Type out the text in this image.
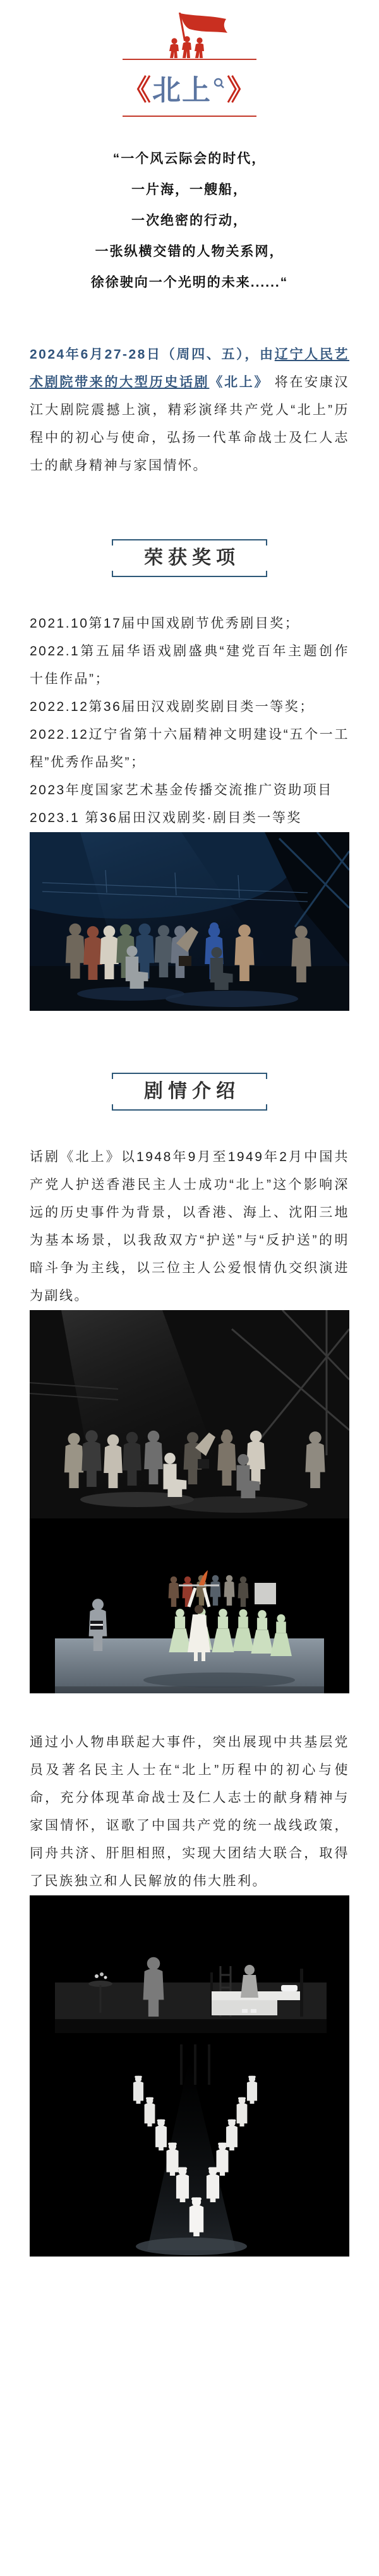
《北上 》
“一个风云际会的时代，
一片海，一艘船，
一次绝密的行动，
一张纵横交错的人物关系网，
徐徐驶向一个光明的未来......“

2024年6月27-28日（周四、五），由辽宁人民艺术剧院带来的大型历史话剧《北上》 将在安康汉江大剧院震撼上演，精彩演绎共产党人“北上”历程中的初心与使命，弘扬一代革命战士及仁人志士的献身精神与家国情怀。

荣获奖项

2021.10第17届中国戏剧节优秀剧目奖；

2022.1第五届华语戏剧盛典“建党百年主题创作十佳作品”；

2022.12第36届田汉戏剧奖剧目类一等奖；

2022.12辽宁省第十六届精神文明建设“五个一工程”优秀作品奖”；

2023年度国家艺术基金传播交流推广资助项目

2023.1 第36届田汉戏剧奖·剧目类一等奖

剧情介绍

话剧《北上》以1948年9月至1949年2月中国共产党人护送香港民主人士成功“北上”这个影响深远的历史事件为背景，以香港、海上、沈阳三地为基本场景，以我敌双方“护送”与“反护送”的明暗斗争为主线，以三位主人公爱恨情仇交织演进为副线。

通过小人物串联起大事件，突出展现中共基层党员及著名民主人士在“北上”历程中的初心与使命，充分体现革命战士及仁人志士的献身精神与家国情怀，讴歌了中国共产党的统一战线政策，同舟共济、肝胆相照，实现大团结大联合，取得了民族独立和人民解放的伟大胜利。
